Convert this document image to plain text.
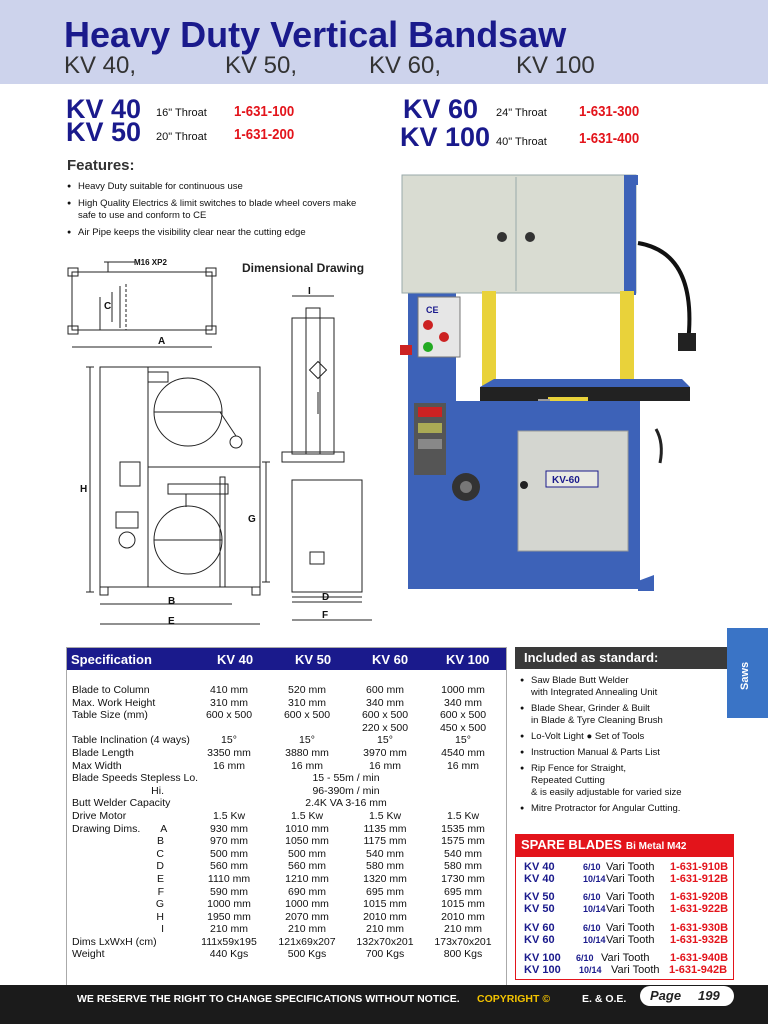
Heavy Duty Vertical Bandsaw
KV 40,	KV 50,	KV 60,	KV 100
KV 40 16" Throat 1-631-100
KV 50 20" Throat 1-631-200
KV 60 24" Throat 1-631-300
KV 100 40" Throat 1-631-400
Features:
● Heavy Duty suitable for continuous use
● High Quality Electrics & limit switches to blade wheel covers make safe to use and conform to CE
● Air Pipe keeps the visibility clear near the cutting edge
Dimensional Drawing
M16 XP2
A
B
C
D
E
F
G
H
I
CE
KV-60
Specification	KV 40	KV 50	KV 60	KV 100
Blade to Column	410 mm	520 mm	600 mm	1000 mm
Max. Work Height	310 mm	310 mm	340 mm	340 mm
Table Size (mm)	600 x 500	600 x 500	600 x 500	600 x 500
			220 x 500	450 x 500
Table Inclination (4 ways)	15°	15°	15°	15°
Blade Length	3350 mm	3880 mm	3970 mm	4540 mm
Max Width	16 mm	16 mm	16 mm	16 mm
Blade Speeds Stepless Lo.	15 - 55m / min			
Hi.	96-390m / min			
Butt Welder Capacity	2.4K VA 3-16 mm			
Drive Motor	1.5 Kw	1.5 Kw	1.5 Kw	1.5 Kw
Drawing Dims. A	930 mm	1010 mm	1135 mm	1535 mm
B	970 mm	1050 mm	1175 mm	1575 mm
C	500 mm	500 mm	540 mm	540 mm
D	560 mm	560 mm	580 mm	580 mm
E	1110 mm	1210 mm	1320 mm	1730 mm
F	590 mm	690 mm	695 mm	695 mm
G	1000 mm	1000 mm	1015 mm	1015 mm
H	1950 mm	2070 mm	2010 mm	2010 mm
I	210 mm	210 mm	210 mm	210 mm
Dims LxWxH (cm)	111x59x195	121x69x207	132x70x201	173x70x201
Weight	440 Kgs	500 Kgs	700 Kgs	800 Kgs
Included as standard:
● Saw Blade Butt Welder
with Integrated Annealing Unit
● Blade Shear, Grinder & Built
in Blade & Tyre Cleaning Brush
● Lo-Volt Light ● Set of Tools
● Instruction Manual & Parts List
● Rip Fence for Straight,
Repeated Cutting
& is easily adjustable for varied size
● Mitre Protractor for Angular Cutting.
Saws
SPARE BLADES Bi Metal M42
KV 40	6/10 Vari Tooth 1-631-910B
KV 40	10/14 Vari Tooth 1-631-912B
KV 50	6/10 Vari Tooth 1-631-920B
KV 50	10/14 Vari Tooth 1-631-922B
KV 60	6/10 Vari Tooth 1-631-930B
KV 60	10/14 Vari Tooth 1-631-932B
KV 100 6/10 Vari Tooth 1-631-940B
KV 100 10/14 Vari Tooth 1-631-942B
WE RESERVE THE RIGHT TO CHANGE SPECIFICATIONS WITHOUT NOTICE. COPYRIGHT ©	E. & O.E. Page 199
